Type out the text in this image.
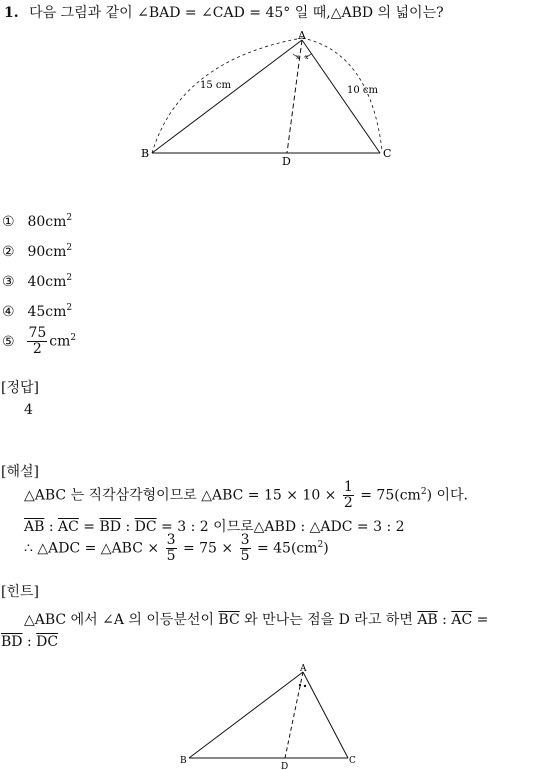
1. 다음 그림과 같이 ∠BAD = ∠CAD = 45° 일 때,△ABD 의 넓이는?
x x
A
B	C
D
15 cm	10 cm
① $80cm^2$
② $90cm^2$
③ $40cm^2$
④ $45cm^2$
⑤ $\frac{75}{2} cm^2$
[정답]
4
[해설]
△ABC 는 직각삼각형이므로 △ABC = $15 \times 10 \times \frac{1}{2} = 75(cm^2)$ 이다.
$\overline{AB}$ : $\overline{AC} = \overline{BD}$ : $\overline{DC} = 3$ : 2 이므로△ABD : △ADC = 3 : 2
∴ △ADC = △ABC × $\frac{3}{5} = 75 \times \frac{3}{5} = 45(cm^2)$
[힌트]
△ABC 에서 ∠A 의 이등분선이 $\overline{BC}$ 와 만나는 점을 D 라고 하면 $\overline{AB}$ : $\overline{AC}$ =
$\overline{BD}$ : $\overline{DC}$
A
B	C
D
